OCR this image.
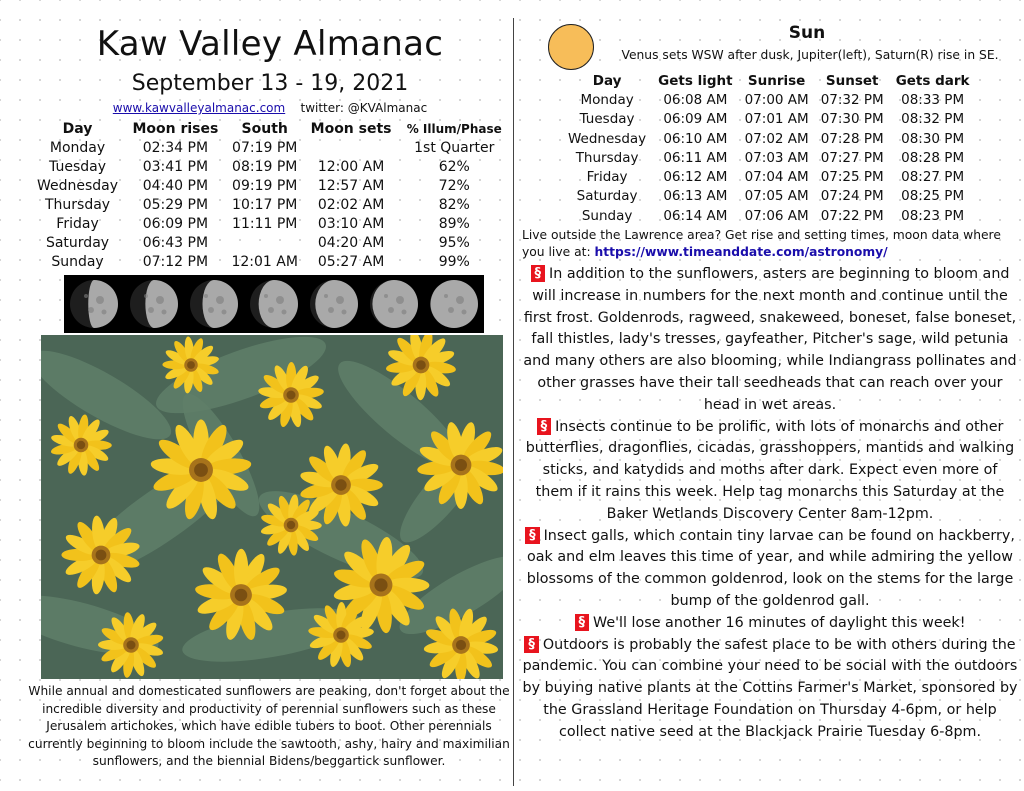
Kaw Valley Almanac
September 13 - 19, 2021
www.kawvalleyalmanac.com twitter: @KVAlmanac
Day	Moon rises	South	Moon sets	% Illum/Phase
Monday	02:34 PM	07:19 PM		1st Quarter
Tuesday	03:41 PM	08:19 PM	12:00 AM	62%
Wednesday	04:40 PM	09:19 PM	12:57 AM	72%
Thursday	05:29 PM	10:17 PM	02:02 AM	82%
Friday	06:09 PM	11:11 PM	03:10 AM	89%
Saturday	06:43 PM		04:20 AM	95%
Sunday	07:12 PM	12:01 AM	05:27 AM	99%
While annual and domesticated sunflowers are peaking, don't forget about the incredible diversity and productivity of perennial sunflowers such as these Jerusalem artichokes, which have edible tubers to boot. Other perennials currently beginning to bloom include the sawtooth, ashy, hairy and maximilian sunflowers, and the biennial Bidens/beggartick sunflower.
Sun
Venus sets WSW after dusk, Jupiter(left), Saturn(R) rise in SE.
Day	Gets light	Sunrise	Sunset	Gets dark
Monday	06:08 AM	07:00 AM	07:32 PM	08:33 PM
Tuesday	06:09 AM	07:01 AM	07:30 PM	08:32 PM
Wednesday	06:10 AM	07:02 AM	07:28 PM	08:30 PM
Thursday	06:11 AM	07:03 AM	07:27 PM	08:28 PM
Friday	06:12 AM	07:04 AM	07:25 PM	08:27 PM
Saturday	06:13 AM	07:05 AM	07:24 PM	08:25 PM
Sunday	06:14 AM	07:06 AM	07:22 PM	08:23 PM
Live outside the Lawrence area? Get rise and setting times, moon data where you live at: https://www.timeanddate.com/astronomy/
§ In addition to the sunflowers, asters are beginning to bloom and will increase in numbers for the next month and continue until the first frost. Goldenrods, ragweed, snakeweed, boneset, false boneset, fall thistles, lady's tresses, gayfeather, Pitcher's sage, wild petunia and many others are also blooming, while Indiangrass pollinates and other grasses have their tall seedheads that can reach over your head in wet areas.
§ Insects continue to be prolific, with lots of monarchs and other butterflies, dragonflies, cicadas, grasshoppers, mantids and walking sticks, and katydids and moths after dark. Expect even more of them if it rains this week. Help tag monarchs this Saturday at the Baker Wetlands Discovery Center 8am-12pm.
§ Insect galls, which contain tiny larvae can be found on hackberry, oak and elm leaves this time of year, and while admiring the yellow blossoms of the common goldenrod, look on the stems for the large bump of the goldenrod gall.
§ We'll lose another 16 minutes of daylight this week!
§ Outdoors is probably the safest place to be with others during the pandemic. You can combine your need to be social with the outdoors by buying native plants at the Cottins Farmer's Market, sponsored by the Grassland Heritage Foundation on Thursday 4-6pm, or help collect native seed at the Blackjack Prairie Tuesday 6-8pm.
